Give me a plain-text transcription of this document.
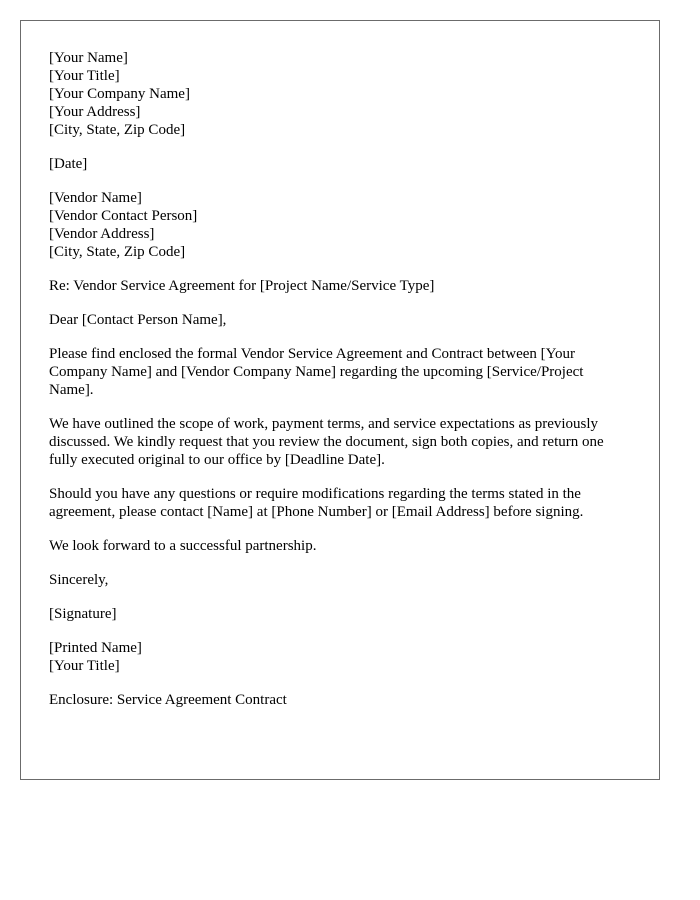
[Your Name]
[Your Title]
[Your Company Name]
[Your Address]
[City, State, Zip Code]
[Date]
[Vendor Name]
[Vendor Contact Person]
[Vendor Address]
[City, State, Zip Code]

Re: Vendor Service Agreement for [Project Name/Service Type]

Dear [Contact Person Name],

Please find enclosed the formal Vendor Service Agreement and Contract between [Your Company Name] and [Vendor Company Name] regarding the upcoming [Service/Project Name].

We have outlined the scope of work, payment terms, and service expectations as previously discussed. We kindly request that you review the document, sign both copies, and return one fully executed original to our office by [Deadline Date].

Should you have any questions or require modifications regarding the terms stated in the agreement, please contact [Name] at [Phone Number] or [Email Address] before signing.

We look forward to a successful partnership.

Sincerely,

[Signature]

[Printed Name]
[Your Title]

Enclosure: Service Agreement Contract
